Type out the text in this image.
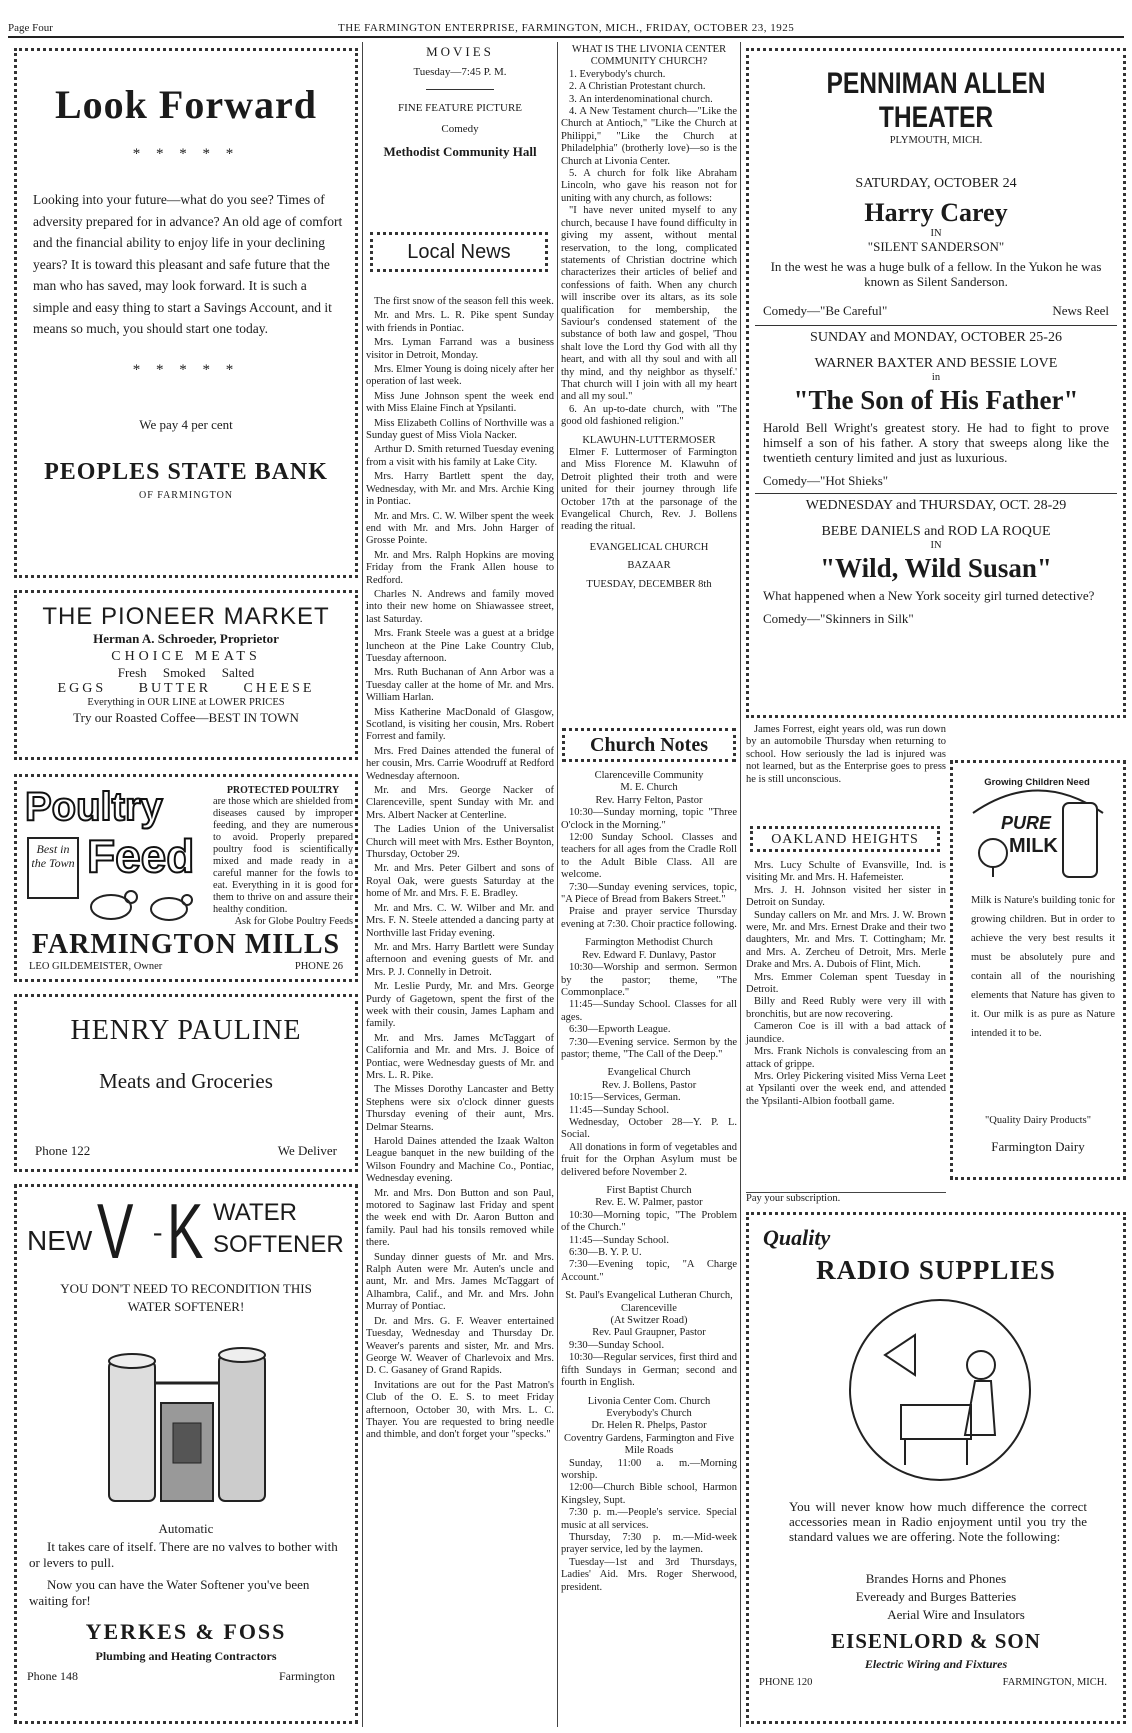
Page Four	THE FARMINGTON ENTERPRISE, FARMINGTON, MICH., FRIDAY, OCTOBER 23, 1925
Look Forward
* * * * *
Looking into your future—what do you see? Times of adversity prepared for in advance? An old age of comfort and the financial ability to enjoy life in your declining years? It is toward this pleasant and safe future that the man who has saved, may look forward. It is such a simple and easy thing to start a Savings Account, and it means so much, you should start one today.
* * * * *
We pay 4 per cent
PEOPLES STATE BANK
OF FARMINGTON
THE PIONEER MARKET
Herman A. Schroeder, Proprietor
CHOICE MEATS
Fresh     Smoked     Salted
EGGS     BUTTER     CHEESE
Everything in OUR LINE at LOWER PRICES
Try our Roasted Coffee—BEST IN TOWN
Poultry
Feed
Best in the Town
PROTECTED POULTRY
are those which are shielded from diseases caused by improper feeding, and they are numerous to avoid. Properly prepared poultry food is scientifically mixed and made ready in a careful manner for the fowls to eat. Everything in it is good for them to thrive on and assure their healthy condition.
Ask for Globe Poultry Feeds
FARMINGTON MILLS
LEO GILDEMEISTER, Owner	PHONE 26
HENRY PAULINE
Meats and Groceries
Phone 122	We Deliver
NEW V - K WATER
SOFTENER
YOU DON'T NEED TO RECONDITION THIS
WATER SOFTENER!
Automatic
It takes care of itself. There are no valves to bother with or levers to pull.
Now you can have the Water Softener you've been waiting for!
YERKES & FOSS
Plumbing and Heating Contractors
Phone 148	Farmington
MOVIES
Tuesday—7:45 P. M.
FINE FEATURE PICTURE
Comedy
Methodist Community Hall
Local News

The first snow of the season fell this week.

Mr. and Mrs. L. R. Pike spent Sunday with friends in Pontiac.

Mrs. Lyman Farrand was a business visitor in Detroit, Monday.

Mrs. Elmer Young is doing nicely after her operation of last week.

Miss June Johnson spent the week end with Miss Elaine Finch at Ypsilanti.

Miss Elizabeth Collins of Northville was a Sunday guest of Miss Viola Nacker.

Arthur D. Smith returned Tuesday evening from a visit with his family at Lake City.

Mrs. Harry Bartlett spent the day, Wednesday, with Mr. and Mrs. Archie King in Pontiac.

Mr. and Mrs. C. W. Wilber spent the week end with Mr. and Mrs. John Harger of Grosse Pointe.

Mr. and Mrs. Ralph Hopkins are moving Friday from the Frank Allen house to Redford.

Charles N. Andrews and family moved into their new home on Shiawassee street, last Saturday.

Mrs. Frank Steele was a guest at a bridge luncheon at the Pine Lake Country Club, Tuesday afternoon.

Mrs. Ruth Buchanan of Ann Arbor was a Tuesday caller at the home of Mr. and Mrs. William Harlan.

Miss Katherine MacDonald of Glasgow, Scotland, is visiting her cousin, Mrs. Robert Forrest and family.

Mrs. Fred Daines attended the funeral of her cousin, Mrs. Carrie Woodruff at Redford Wednesday afternoon.

Mr. and Mrs. George Nacker of Clarenceville, spent Sunday with Mr. and Mrs. Albert Nacker at Centerline.

The Ladies Union of the Universalist Church will meet with Mrs. Esther Boynton, Thursday, October 29.

Mr. and Mrs. Peter Gilbert and sons of Royal Oak, were guests Saturday at the home of Mr. and Mrs. F. E. Bradley.

Mr. and Mrs. C. W. Wilber and Mr. and Mrs. F. N. Steele attended a dancing party at Northville last Friday evening.

Mr. and Mrs. Harry Bartlett were Sunday afternoon and evening guests of Mr. and Mrs. P. J. Connelly in Detroit.

Mr. Leslie Purdy, Mr. and Mrs. George Purdy of Gagetown, spent the first of the week with their cousin, James Lapham and family.

Mr. and Mrs. James McTaggart of California and Mr. and Mrs. J. Boice of Pontiac, were Wednesday guests of Mr. and Mrs. L. R. Pike.

The Misses Dorothy Lancaster and Betty Stephens were six o'clock dinner guests Thursday evening of their aunt, Mrs. Delmar Stearns.

Harold Daines attended the Izaak Walton League banquet in the new building of the Wilson Foundry and Machine Co., Pontiac, Wednesday evening.

Mr. and Mrs. Don Button and son Paul, motored to Saginaw last Friday and spent the week end with Dr. Aaron Button and family. Paul had his tonsils removed while there.

Sunday dinner guests of Mr. and Mrs. Ralph Auten were Mr. Auten's uncle and aunt, Mr. and Mrs. James McTaggart of Alhambra, Calif., and Mr. and Mrs. John Murray of Pontiac.

Dr. and Mrs. G. F. Weaver entertained Tuesday, Wednesday and Thursday Dr. Weaver's parents and sister, Mr. and Mrs. George W. Weaver of Charlevoix and Mrs. D. C. Gasaney of Grand Rapids.

Invitations are out for the Past Matron's Club of the O. E. S. to meet Friday afternoon, October 30, with Mrs. L. C. Thayer. You are requested to bring needle and thimble, and don't forget your "specks."

WHAT IS THE LIVONIA CENTER COMMUNITY CHURCH?

1. Everybody's church.

2. A Christian Protestant church.

3. An interdenominational church.

4. A New Testament church—"Like the Church at Antioch," "Like the Church at Philippi," "Like the Church at Philadelphia" (brotherly love)—so is the Church at Livonia Center.

5. A church for folk like Abraham Lincoln, who gave his reason not for uniting with any church, as follows:

"I have never united myself to any church, because I have found difficulty in giving my assent, without mental reservation, to the long, complicated statements of Christian doctrine which characterizes their articles of belief and confessions of faith. When any church will inscribe over its altars, as its sole qualification for membership, the Saviour's condensed statement of the substance of both law and gospel, 'Thou shalt love the Lord thy God with all thy heart, and with all thy soul and with all thy mind, and thy neighbor as thyself.' That church will I join with all my heart and all my soul."

6. An up-to-date church, with "The good old fashioned religion."

KLAWUHN-LUTTERMOSER

Elmer F. Luttermoser of Farmington and Miss Florence M. Klawuhn of Detroit plighted their troth and were united for their journey through life October 17th at the parsonage of the Evangelical Church, Rev. J. Bollens reading the ritual.

EVANGELICAL CHURCH
BAZAAR
TUESDAY, DECEMBER 8th
Church Notes
Clarenceville Community
M. E. Church
Rev. Harry Felton, Pastor
10:30—Sunday morning, topic "Three O'clock in the Morning."
12:00 Sunday School. Classes and teachers for all ages from the Cradle Roll to the Adult Bible Class. All are welcome.
7:30—Sunday evening services, topic, "A Piece of Bread from Bakers Street."
Praise and prayer service Thursday evening at 7:30. Choir practice following.
Farmington Methodist Church
Rev. Edward F. Dunlavy, Pastor
10:30—Worship and sermon. Sermon by the pastor; theme, "The Commonplace."
11:45—Sunday School. Classes for all ages.
6:30—Epworth League.
7:30—Evening service. Sermon by the pastor; theme, "The Call of the Deep."
Evangelical Church
Rev. J. Bollens, Pastor
10:15—Services, German.
11:45—Sunday School.
Wednesday, October 28—Y. P. L. Social.
All donations in form of vegetables and fruit for the Orphan Asylum must be delivered before November 2.
First Baptist Church
Rev. E. W. Palmer, pastor
10:30—Morning topic, "The Problem of the Church."
11:45—Sunday School.
6:30—B. Y. P. U.
7:30—Evening topic, "A Charge Account."
St. Paul's Evangelical Lutheran Church, Clarenceville
(At Switzer Road)
Rev. Paul Graupner, Pastor
9:30—Sunday School.
10:30—Regular services, first third and fifth Sundays in German; second and fourth in English.
Livonia Center Com. Church
Everybody's Church
Dr. Helen R. Phelps, Pastor
Coventry Gardens, Farmington and Five Mile Roads
Sunday, 11:00 a. m.—Morning worship.
12:00—Church Bible school, Harmon Kingsley, Supt.
7:30 p. m.—People's service. Special music at all services.
Thursday, 7:30 p. m.—Mid-week prayer service, led by the laymen.
Tuesday—1st and 3rd Thursdays, Ladies' Aid. Mrs. Roger Sherwood, president.
PENNIMAN ALLEN THEATER
PLYMOUTH, MICH.
SATURDAY, OCTOBER 24
Harry Carey
IN
"SILENT SANDERSON"
In the west he was a huge bulk of a fellow. In the Yukon he was known as Silent Sanderson.
Comedy—"Be Careful"	News Reel
SUNDAY and MONDAY, OCTOBER 25-26
WARNER BAXTER AND BESSIE LOVE
in
"The Son of His Father"
Harold Bell Wright's greatest story. He had to fight to prove himself a son of his father. A story that sweeps along like the twentieth century limited and just as luxurious.
Comedy—"Hot Shieks"
WEDNESDAY and THURSDAY, OCT. 28-29
BEBE DANIELS and ROD LA ROQUE
IN
"Wild, Wild Susan"
What happened when a New York soceity girl turned detective?
Comedy—"Skinners in Silk"

James Forrest, eight years old, was run down by an automobile Thursday when returning to school. How seriously the lad is injured was not learned, but as the Enterprise goes to press he is still unconscious.

OAKLAND HEIGHTS

Mrs. Lucy Schulte of Evansville, Ind. is visiting Mr. and Mrs. H. Hafemeister.

Mrs. J. H. Johnson visited her sister in Detroit on Sunday.

Sunday callers on Mr. and Mrs. J. W. Brown were, Mr. and Mrs. Ernest Drake and their two daughters, Mr. and Mrs. T. Cottingham; Mr. and Mrs. A. Zercheu of Detroit, Mrs. Merle Drake and Mrs. A. Dubois of Flint, Mich.

Mrs. Emmer Coleman spent Tuesday in Detroit.

Billy and Reed Rubly were very ill with bronchitis, but are now recovering.

Cameron Coe is ill with a bad attack of jaundice.

Mrs. Frank Nichols is convalescing from an attack of grippe.

Mrs. Orley Pickering visited Miss Verna Leet at Ypsilanti over the week end, and attended the Ypsilanti-Albion football game.

Pay your subscription.
Growing Children Need
PURE
MILK
Milk is Nature's building tonic for growing children. But in order to achieve the very best results it must be absolutely pure and contain all of the nourishing elements that Nature has given to it. Our milk is as pure as Nature intended it to be.
"Quality Dairy Products"
Farmington Dairy
Quality
RADIO SUPPLIES
You will never know how much difference the correct accessories mean in Radio enjoyment until you try the standard values we are offering. Note the following:
Brandes Horns and Phones
Eveready and Burges Batteries
Aerial Wire and Insulators
EISENLORD & SON
Electric Wiring and Fixtures
PHONE 120	FARMINGTON, MICH.
